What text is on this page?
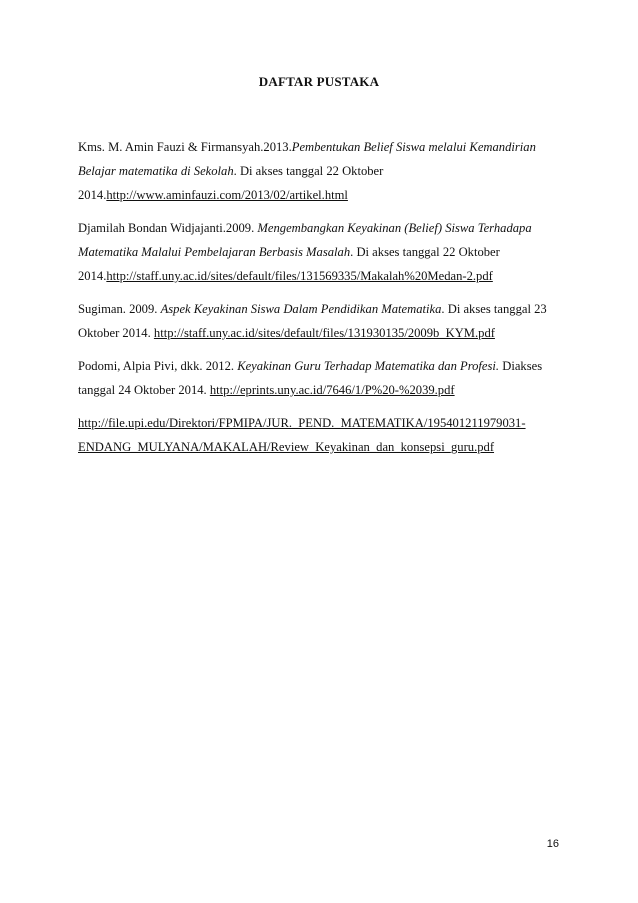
DAFTAR PUSTAKA
Kms. M. Amin Fauzi & Firmansyah.2013.Pembentukan Belief Siswa melalui Kemandirian
Belajar matematika di Sekolah. Di akses tanggal 22 Oktober
2014.http://www.aminfauzi.com/2013/02/artikel.html
Djamilah Bondan Widjajanti.2009. Mengembangkan Keyakinan (Belief) Siswa Terhadapa
Matematika Malalui Pembelajaran Berbasis Masalah. Di akses tanggal 22 Oktober
2014.http://staff.uny.ac.id/sites/default/files/131569335/Makalah%20Medan-2.pdf
Sugiman. 2009. Aspek Keyakinan Siswa Dalam Pendidikan Matematika. Di akses tanggal 23
Oktober 2014. http://staff.uny.ac.id/sites/default/files/131930135/2009b_KYM.pdf
Podomi, Alpia Pivi, dkk. 2012. Keyakinan Guru Terhadap Matematika dan Profesi. Diakses
tanggal 24 Oktober 2014. http://eprints.uny.ac.id/7646/1/P%20-%2039.pdf
http://file.upi.edu/Direktori/FPMIPA/JUR._PEND._MATEMATIKA/195401211979031-
ENDANG_MULYANA/MAKALAH/Review_Keyakinan_dan_konsepsi_guru.pdf
16
